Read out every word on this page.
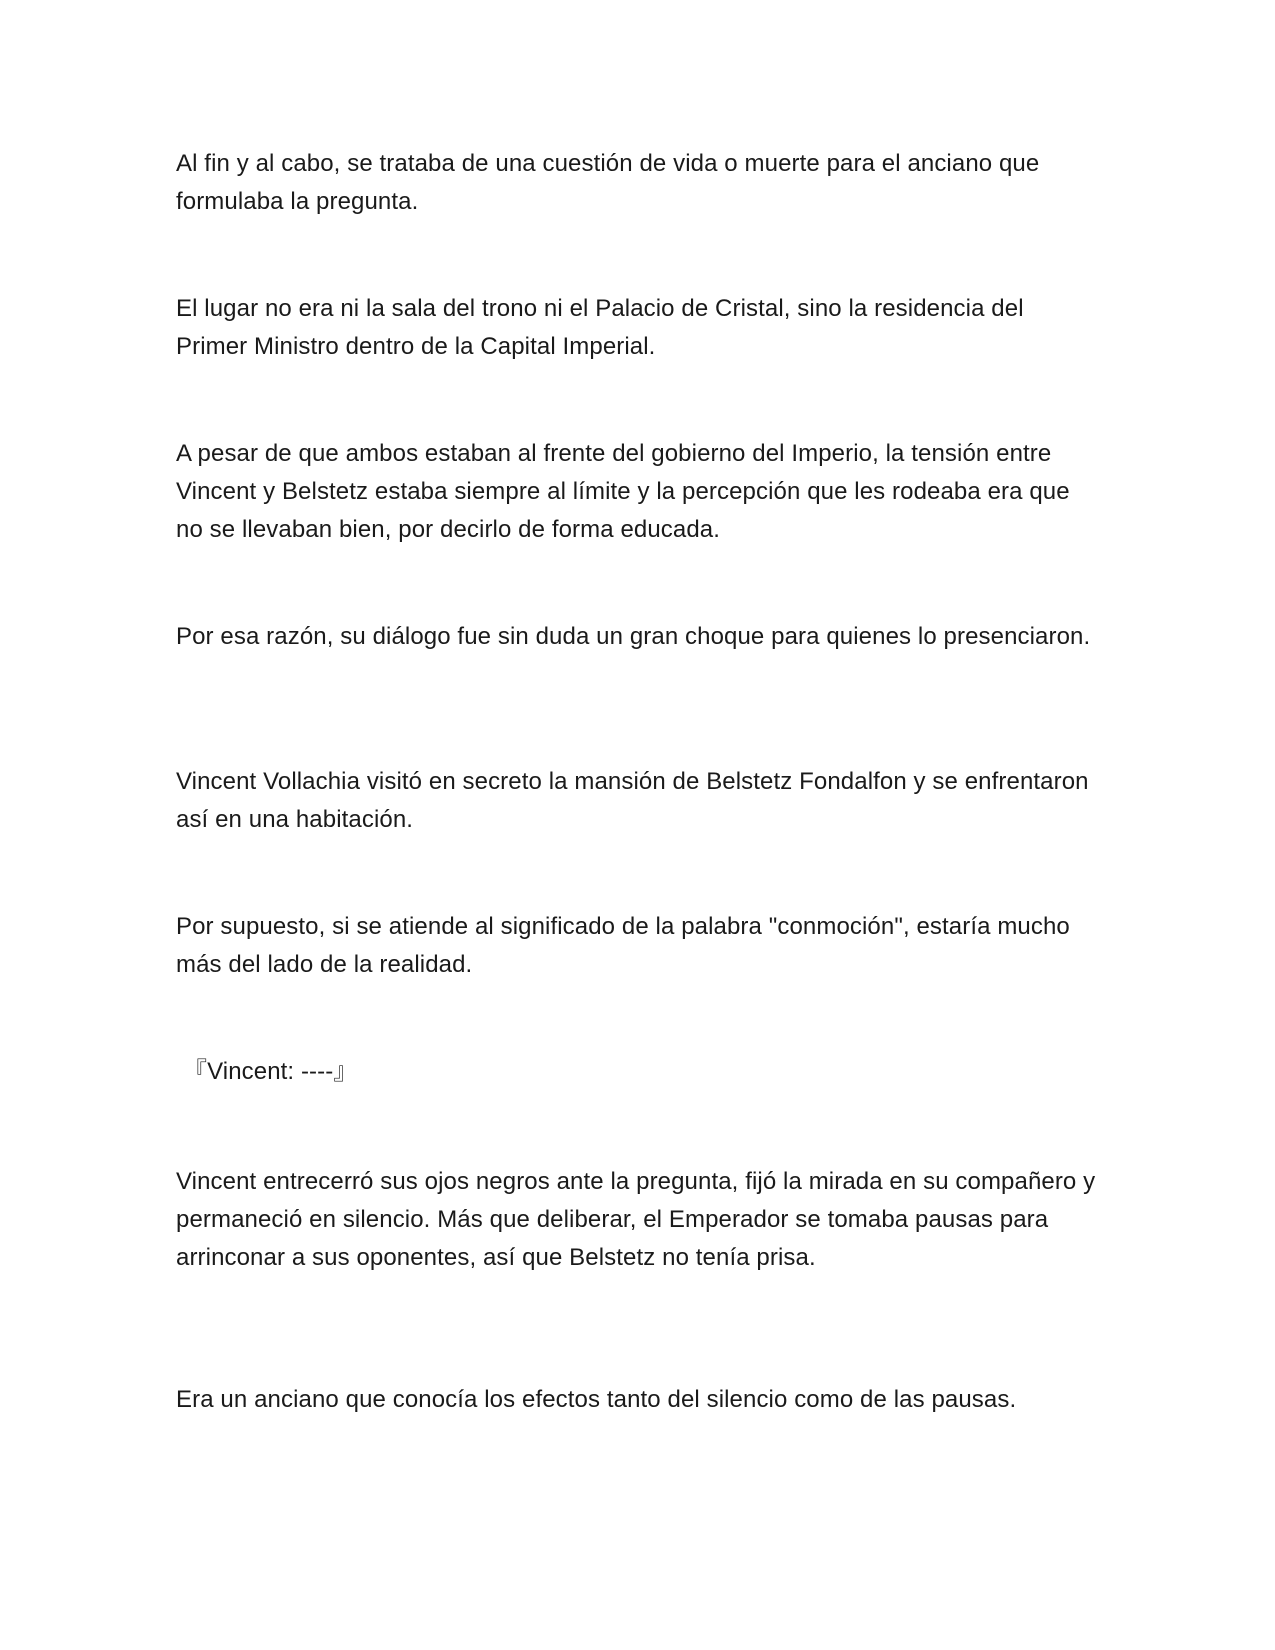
Al fin y al cabo, se trataba de una cuestión de vida o muerte para el anciano que formulaba la pregunta.

El lugar no era ni la sala del trono ni el Palacio de Cristal, sino la residencia del Primer Ministro dentro de la Capital Imperial.

A pesar de que ambos estaban al frente del gobierno del Imperio, la tensión entre Vincent y Belstetz estaba siempre al límite y la percepción que les rodeaba era que no se llevaban bien, por decirlo de forma educada.

Por esa razón, su diálogo fue sin duda un gran choque para quienes lo presenciaron.

Vincent Vollachia visitó en secreto la mansión de Belstetz Fondalfon y se enfrentaron así en una habitación.

Por supuesto, si se atiende al significado de la palabra "conmoción", estaría mucho más del lado de la realidad.

『Vincent: ----』

Vincent entrecerró sus ojos negros ante la pregunta, fijó la mirada en su compañero y permaneció en silencio. Más que deliberar, el Emperador se tomaba pausas para arrinconar a sus oponentes, así que Belstetz no tenía prisa.

Era un anciano que conocía los efectos tanto del silencio como de las pausas.
